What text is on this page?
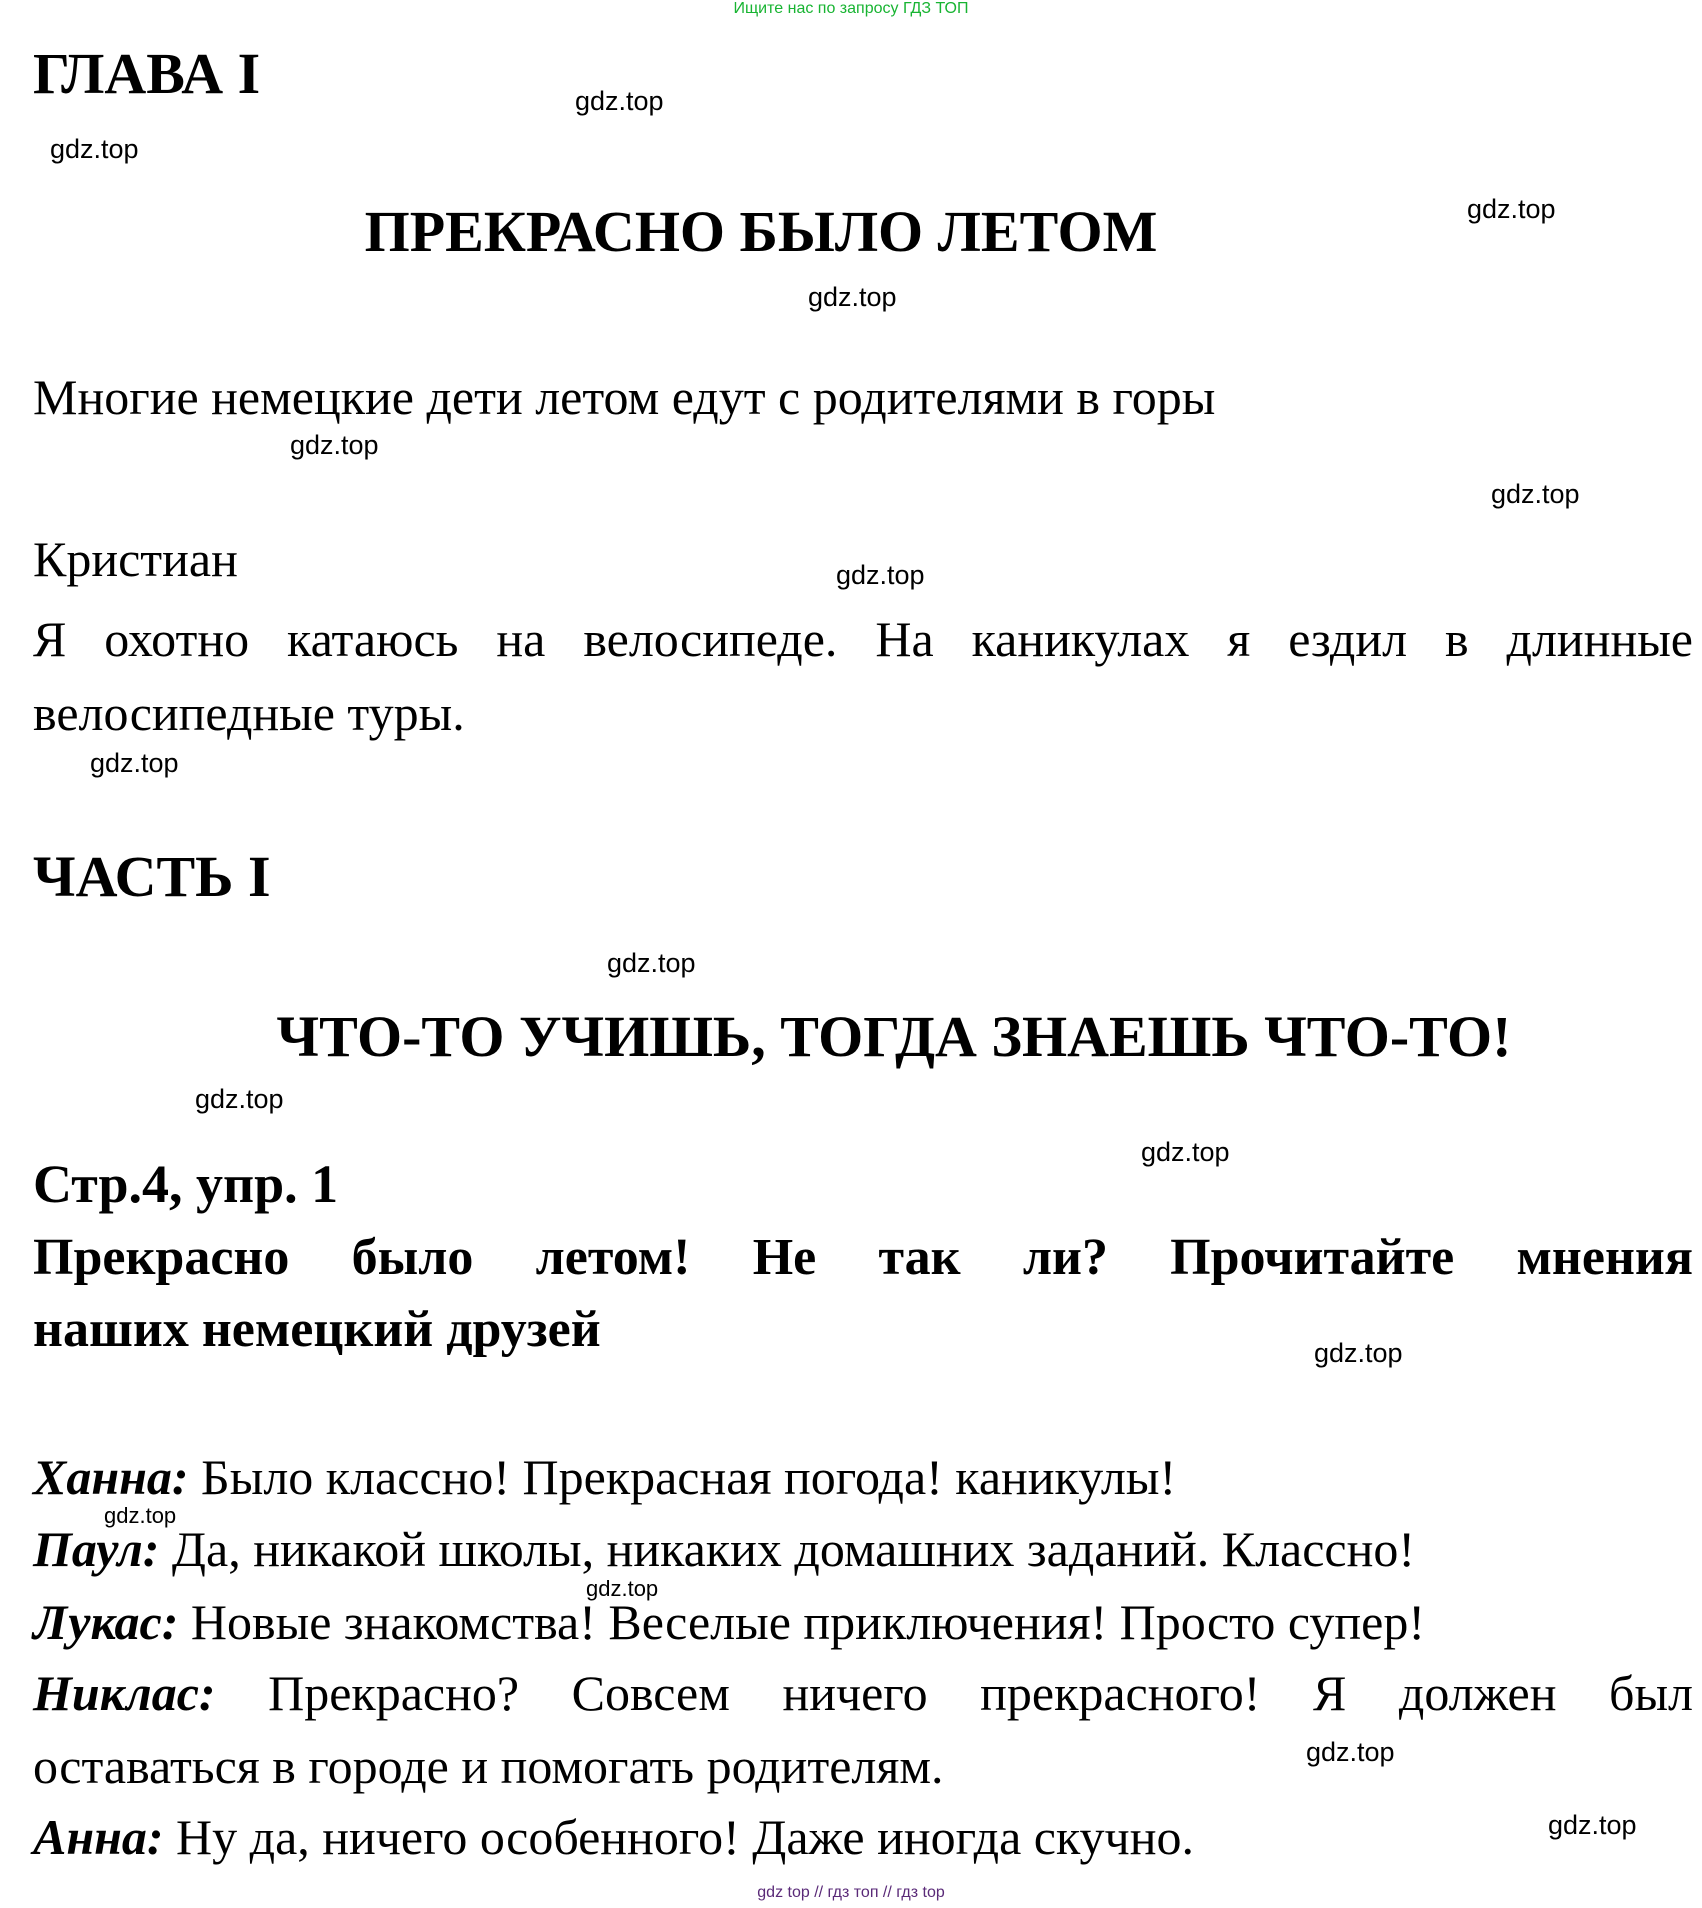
Ищите нас по запросу ГДЗ ТОП
ГЛАВА I
ПРЕКРАСНО БЫЛО ЛЕТОМ
Многие немецкие дети летом едут с родителями в горы
Кристиан
Я охотно катаюсь на велосипеде. На каникулах я ездил в длинные
велосипедные туры.
ЧАСТЬ I
ЧТО-ТО УЧИШЬ, ТОГДА ЗНАЕШЬ ЧТО-ТО!
Стр.4, упр. 1
Прекрасно было летом! Не так ли? Прочитайте мнения
наших немецкий друзей
Ханна: Было классно! Прекрасная погода! каникулы!
Паул: Да, никакой школы, никаких домашних заданий. Классно!
Лукас: Новые знакомства! Веселые приключения! Просто супер!
Никлас: Прекрасно? Совсем ничего прекрасного! Я должен был
оставаться в городе и помогать родителям.
Анна: Ну да, ничего особенного! Даже иногда скучно.
gdz.top
gdz.top
gdz.top
gdz.top
gdz.top
gdz.top
gdz.top
gdz.top
gdz.top
gdz.top
gdz.top
gdz.top
gdz.top
gdz.top
gdz.top
gdz.top
gdz top // гдз топ // гдз top
